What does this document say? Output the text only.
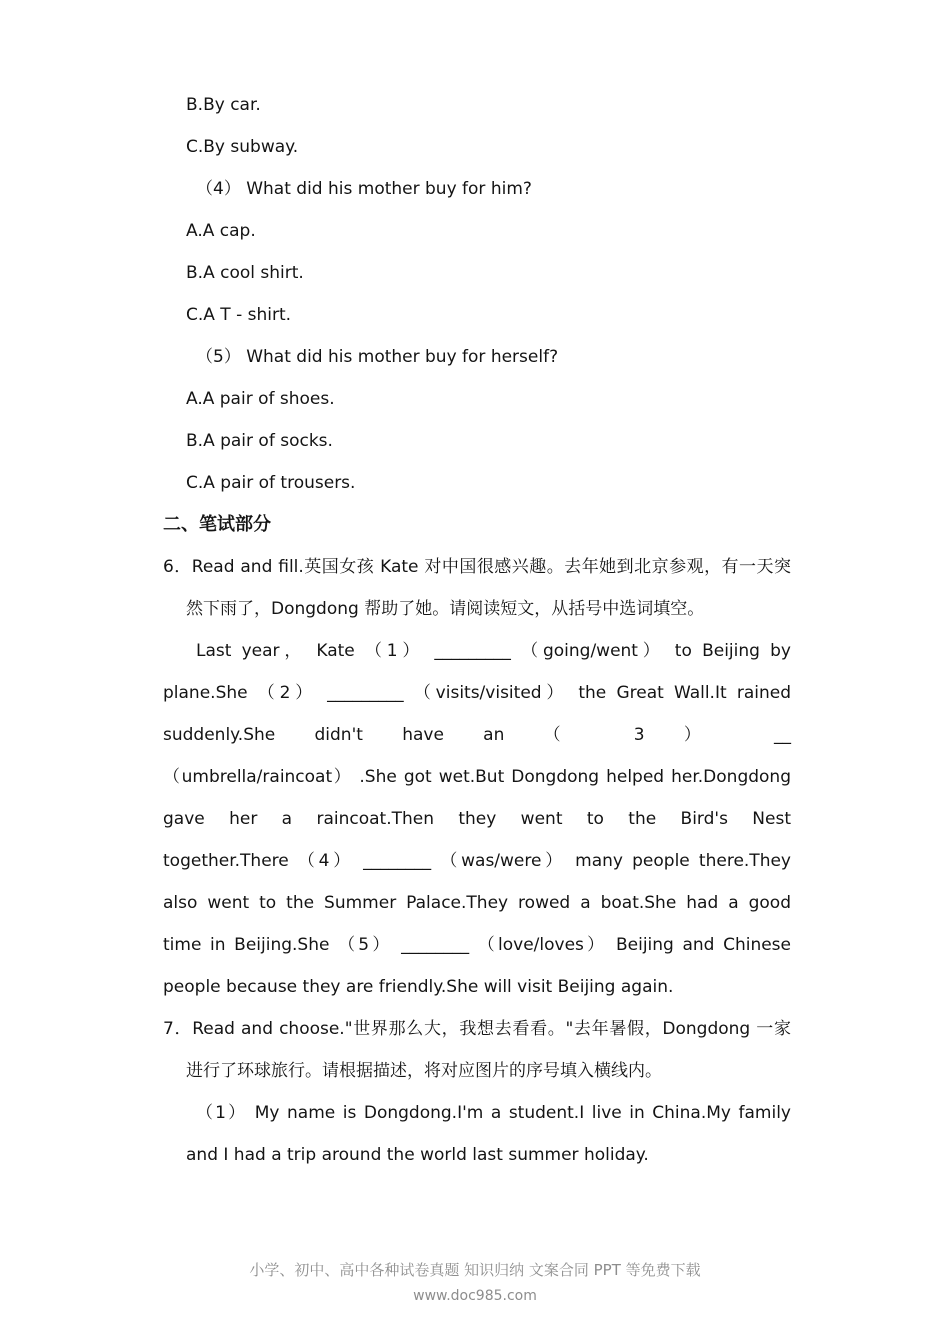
B.By car.
C.By subway.
（4） What did his mother buy for him?
A.A cap.
B.A cool shirt.
C.A T - shirt.
（5） What did his mother buy for herself?
A.A pair of shoes.
B.A pair of socks.
C.A pair of trousers.
二、笔试部分

6．Read and fill.英国女孩 Kate 对中国很感兴趣。去年她到北京参观，有一天突然下雨了，Dongdong 帮助了她。请阅读短文，从括号中选词填空。

Last year， Kate （1） _________ （going/went） to Beijing by
plane.She （2） _________ （visits/visited） the Great Wall.It rained
suddenly.She didn't have an （ 3 ） __
（umbrella/raincoat） .She got wet.But Dongdong helped her.Dongdong
gave her a raincoat.Then they went to the Bird's Nest
together.There （4） ________ （was/were） many people there.They
also went to the Summer Palace.They rowed a boat.She had a good
time in Beijing.She （5） ________ （love/loves） Beijing and Chinese
people because they are friendly.She will visit Beijing again.

7．Read and choose."世界那么大，我想去看看。"去年暑假，Dongdong 一家 进行了环球旅行。请根据描述，将对应图片的序号填入横线内。

（1） My name is Dongdong.I'm a student.I live in China.My family and I had a trip around the world last summer holiday.

小学、初中、高中各种试卷真题 知识归纳 文案合同 PPT 等免费下载
www.doc985.com
